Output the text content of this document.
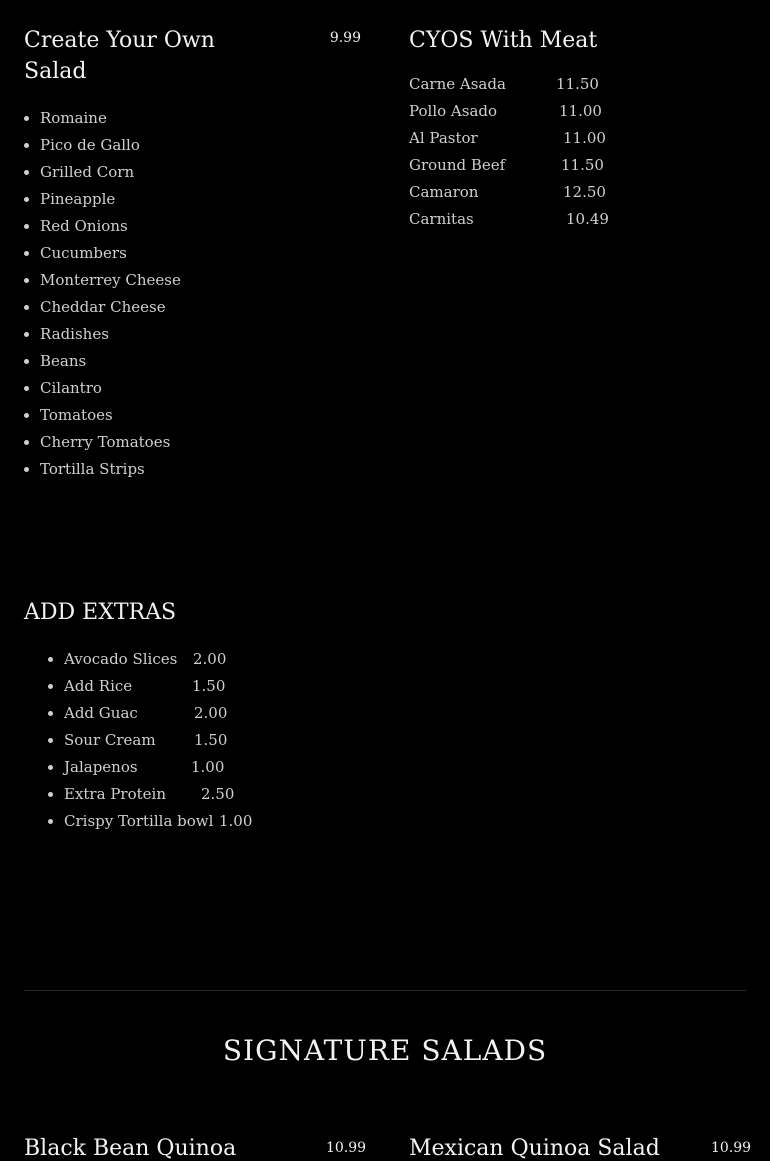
Create Your Own Salad
9.99
Romaine
Pico de Gallo
Grilled Corn
Pineapple
Red Onions
Cucumbers
Monterrey Cheese
Cheddar Cheese
Radishes
Beans
Cilantro
Tomatoes
Cherry Tomatoes
Tortilla Strips
CYOS With Meat
Carne Asada	11.50
Pollo Asado	11.00
Al Pastor	11.00
Ground Beef	11.50
Camaron	12.50
Carnitas	10.49
ADD EXTRAS
Avocado Slices 2.00
Add Rice	1.50
Add Guac	2.00
Sour Cream	1.50
Jalapenos	1.00
Extra Protein 2.50
Crispy Tortilla bowl 1.00
SIGNATURE SALADS
Black Bean Quinoa	10.99 Mexican Quinoa Salad	10.99
